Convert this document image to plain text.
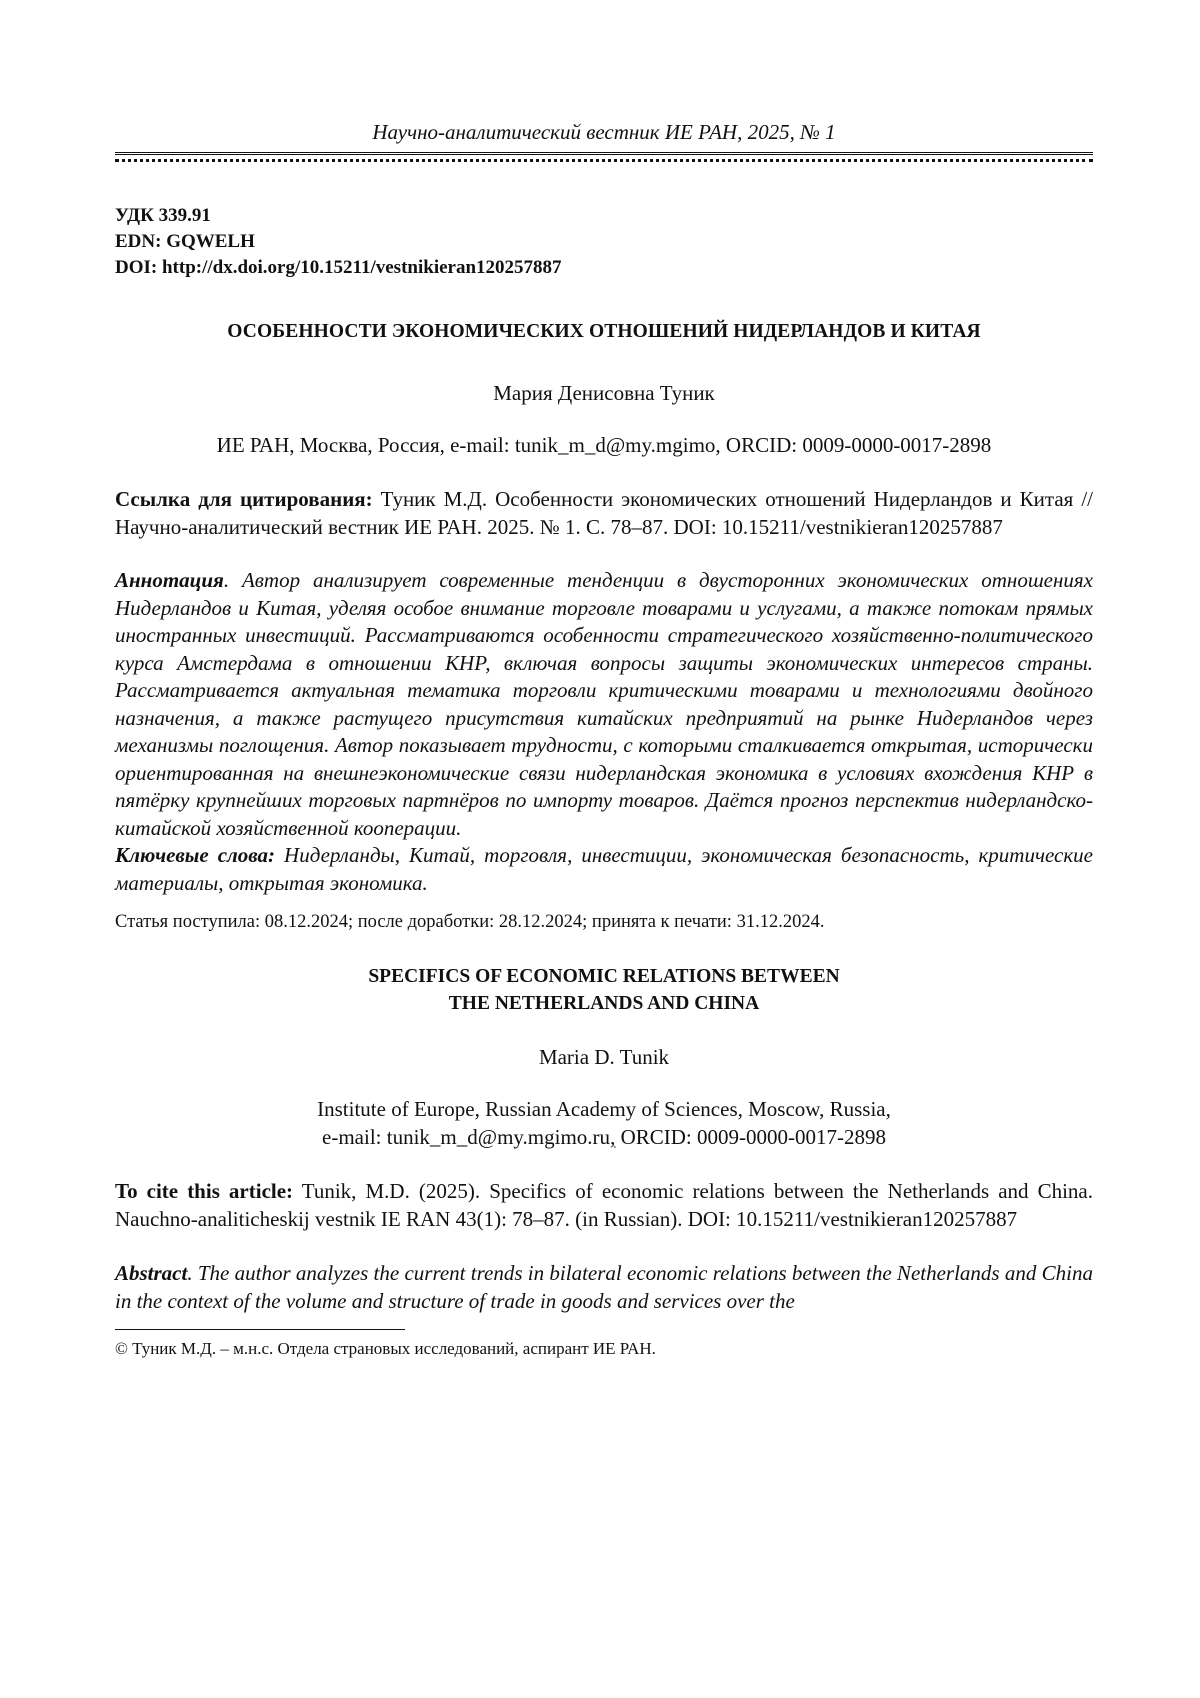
Научно-аналитический вестник ИЕ РАН, 2025, № 1
УДК 339.91
EDN: GQWELH
DOI: http://dx.doi.org/10.15211/vestnikieran120257887
ОСОБЕННОСТИ ЭКОНОМИЧЕСКИХ ОТНОШЕНИЙ НИДЕРЛАНДОВ И КИТАЯ
Мария Денисовна Туник
ИЕ РАН, Москва, Россия, e-mail: tunik_m_d@my.mgimo, ORCID: 0009-0000-0017-2898
Ссылка для цитирования: Туник М.Д. Особенности экономических отношений Нидерландов и Китая // Научно-аналитический вестник ИЕ РАН. 2025. № 1. С. 78–87. DOI: 10.15211/vestnikieran120257887
Аннотация. Автор анализирует современные тенденции в двусторонних экономических отношениях Нидерландов и Китая, уделяя особое внимание торговле товарами и услугами, а также потокам прямых иностранных инвестиций. Рассматриваются особенности стратегического хозяйственно-политического курса Амстердама в отношении КНР, включая вопросы защиты экономических интересов страны. Рассматривается актуальная тематика торговли критическими товарами и технологиями двойного назначения, а также растущего присутствия китайских предприятий на рынке Нидерландов через механизмы поглощения. Автор показывает трудности, с которыми сталкивается открытая, исторически ориентированная на внешнеэкономические связи нидерландская экономика в условиях вхождения КНР в пятёрку крупнейших торговых партнёров по импорту товаров. Даётся прогноз перспектив нидерландско-китайской хозяйственной кооперации.
Ключевые слова: Нидерланды, Китай, торговля, инвестиции, экономическая безопасность, критические материалы, открытая экономика.
Статья поступила: 08.12.2024; после доработки: 28.12.2024; принята к печати: 31.12.2024.
SPECIFICS OF ECONOMIC RELATIONS BETWEEN
THE NETHERLANDS AND CHINA
Maria D. Tunik
Institute of Europe, Russian Academy of Sciences, Moscow, Russia,
e-mail: tunik_m_d@my.mgimo.ru, ORCID: 0009-0000-0017-2898
To cite this article: Tunik, M.D. (2025). Specifics of economic relations between the Netherlands and China. Nauchno-analiticheskij vestnik IE RAN 43(1): 78–87. (in Russian). DOI: 10.15211/vestnikieran120257887
Abstract. The author analyzes the current trends in bilateral economic relations between the Netherlands and China in the context of the volume and structure of trade in goods and services over the
© Туник М.Д. – м.н.с. Отдела страновых исследований, аспирант ИЕ РАН.
